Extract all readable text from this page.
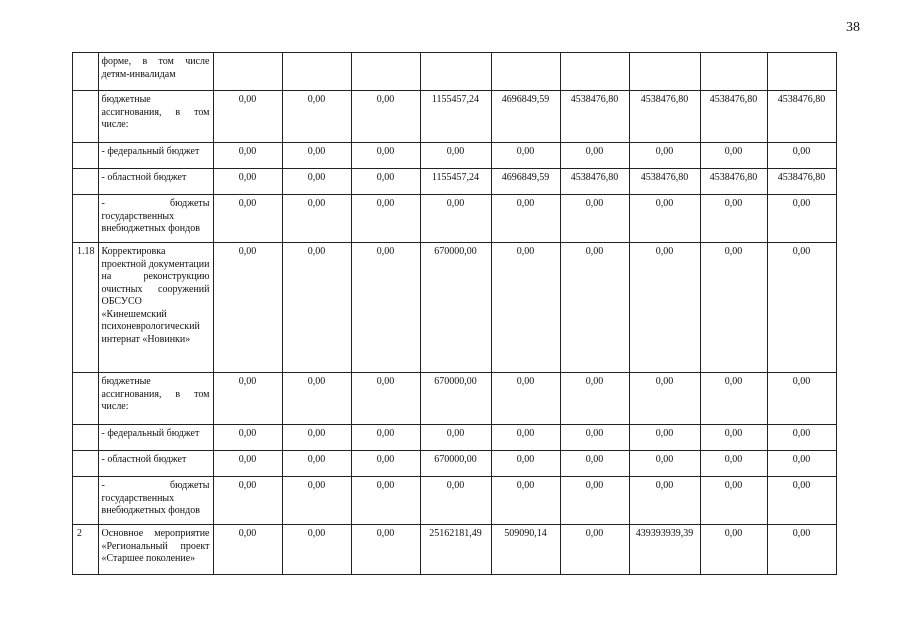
38
	форме, в том числе детям-инвалидам									
	бюджетные ассигнования, в том числе:	0,00	0,00	0,00	1155457,24	4696849,59	4538476,80	4538476,80	4538476,80	4538476,80
	- федеральный бюджет	0,00	0,00	0,00	0,00	0,00	0,00	0,00	0,00	0,00
	- областной бюджет	0,00	0,00	0,00	1155457,24	4696849,59	4538476,80	4538476,80	4538476,80	4538476,80
	- бюджеты государственных внебюджетных фондов	0,00	0,00	0,00	0,00	0,00	0,00	0,00	0,00	0,00
1.18	Корректировка проектной документации на реконструкцию очистных сооружений ОБСУСО «Кинешемский психоневрологический интернат «Новинки»	0,00	0,00	0,00	670000,00	0,00	0,00	0,00	0,00	0,00
	бюджетные ассигнования, в том числе:	0,00	0,00	0,00	670000,00	0,00	0,00	0,00	0,00	0,00
	- федеральный бюджет	0,00	0,00	0,00	0,00	0,00	0,00	0,00	0,00	0,00
	- областной бюджет	0,00	0,00	0,00	670000,00	0,00	0,00	0,00	0,00	0,00
	- бюджеты государственных внебюджетных фондов	0,00	0,00	0,00	0,00	0,00	0,00	0,00	0,00	0,00
2	Основное мероприятие «Региональный проект «Старшее поколение»	0,00	0,00	0,00	25162181,49	509090,14	0,00	439393939,39	0,00	0,00
